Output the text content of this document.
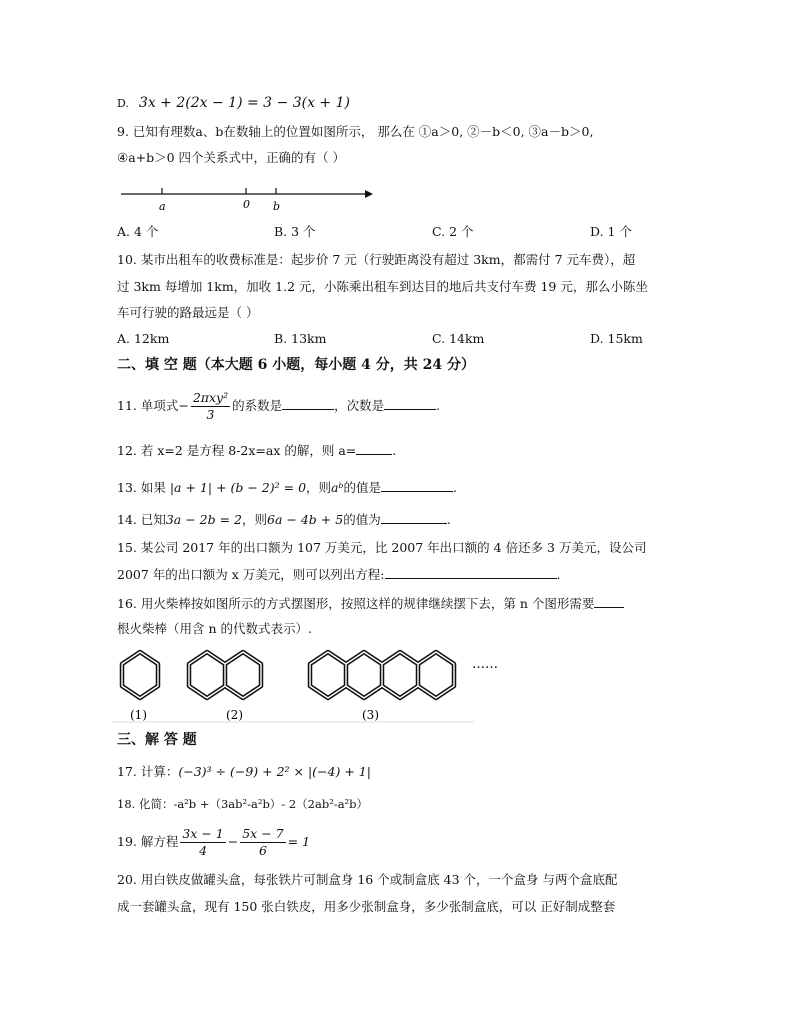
D. 3x + 2(2x − 1) = 3 − 3(x + 1)
9. 已知有理数a、b在数轴上的位置如图所示， 那么在 ①a＞0, ②－b＜0, ③a－b＞0,
④a+b＞0 四个关系式中，正确的有（ ）
a	0 b
A. 4 个	B. 3 个	C. 2 个	D. 1 个
10. 某市出租车的收费标准是：起步价 7 元（行驶距离没有超过 3km，都需付 7 元车费），超
过 3km 每增加 1km，加收 1.2 元，小陈乘出租车到达目的地后共支付车费 19 元，那么小陈坐
车可行驶的路最远是（ ）
A. 12km	B. 13km	C. 14km	D. 15km
二、填 空 题（本大题 6 小题，每小题 4 分，共 24 分）
11. 单项式− $\frac{\text{2πxy²}}{3}$ 的系数是	，次数是	.
12. 若 x=2 是方程 8-2x=ax 的解，则 a=	.
13. 如果 |a + 1| + (b − 2)² = 0，则aᵇ的值是	.
14. 已知3a − 2b = 2，则6a − 4b + 5的值为	.
15. 某公司 2017 年的出口额为 107 万美元，比 2007 年出口额的 4 倍还多 3 万美元，设公司
2007 年的出口额为 x 万美元，则可以列出方程:	.
16. 用火柴棒按如图所示的方式摆图形，按照这样的规律继续摆下去，第 n 个图形需要
根火柴棒（用含 n 的代数式表示）.
……
(1)	(2)	(3)
三、解 答 题
17. 计算：(−3)³ ÷ (−9) + 2² × |(−4) + 1|
18. 化简：-a²b +（3ab²-a²b）- 2（2ab²-a²b）
19. 解方程 $\frac{3x - 1}{4} - \frac{5x - 7}{6} = 1$
20. 用白铁皮做罐头盒，每张铁片可制盒身 16 个或制盒底 43 个，一个盒身 与两个盒底配
成一套罐头盒，现有 150 张白铁皮，用多少张制盒身，多少张制盒底，可以 正好制成整套
